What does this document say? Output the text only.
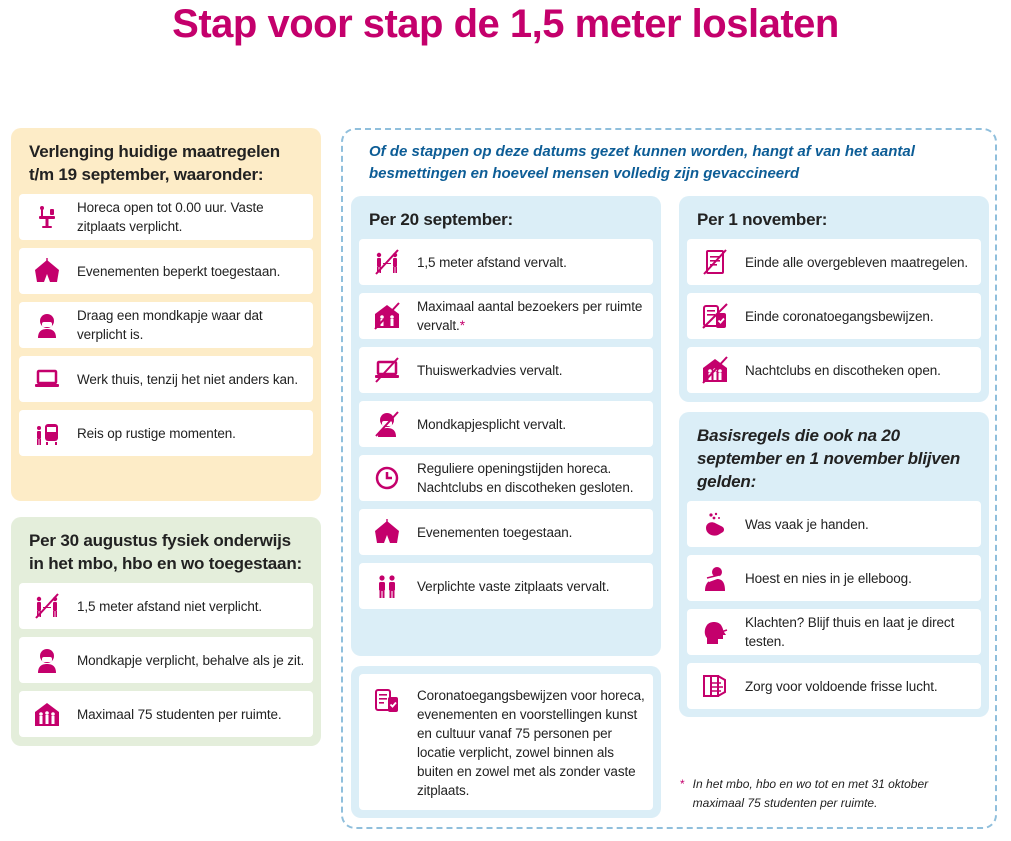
Stap voor stap de 1,5 meter loslaten
Verlenging huidige maatregelen t/m 19 september, waaronder:
Horeca open tot 0.00 uur. Vaste zitplaats verplicht.
Evenementen beperkt toegestaan.
Draag een mondkapje waar dat verplicht is.
Werk thuis, tenzij het niet anders kan.
Reis op rustige momenten.
Per 30 augustus fysiek onderwijs in het mbo, hbo en wo toegestaan:
1,5 meter afstand niet verplicht.
Mondkapje verplicht, behalve als je zit.
Maximaal 75 studenten per ruimte.
Of de stappen op deze datums gezet kunnen worden, hangt af van het aantal besmettingen en hoeveel mensen volledig zijn gevaccineerd
Per 20 september:
1,5 meter afstand vervalt.
Maximaal aantal bezoekers per ruimte vervalt.*
Thuiswerkadvies vervalt.
Mondkapjesplicht vervalt.
Reguliere openingstijden horeca. Nachtclubs en discotheken gesloten.
Evenementen toegestaan.
Verplichte vaste zitplaats vervalt.
Coronatoegangsbewijzen voor horeca, evenementen en voorstellingen kunst en cultuur vanaf 75 personen per locatie verplicht, zowel binnen als buiten en zowel met als zonder vaste zitplaats.
Per 1 november:
Einde alle overgebleven maatregelen.
Einde coronatoegangsbewijzen.
Nachtclubs en discotheken open.
Basisregels die ook na 20 september en 1 november blijven gelden:
Was vaak je handen.
Hoest en nies in je elleboog.
Klachten? Blijf thuis en laat je direct testen.
Zorg voor voldoende frisse lucht.
* In het mbo, hbo en wo tot en met 31 oktober maximaal 75 studenten per ruimte.
